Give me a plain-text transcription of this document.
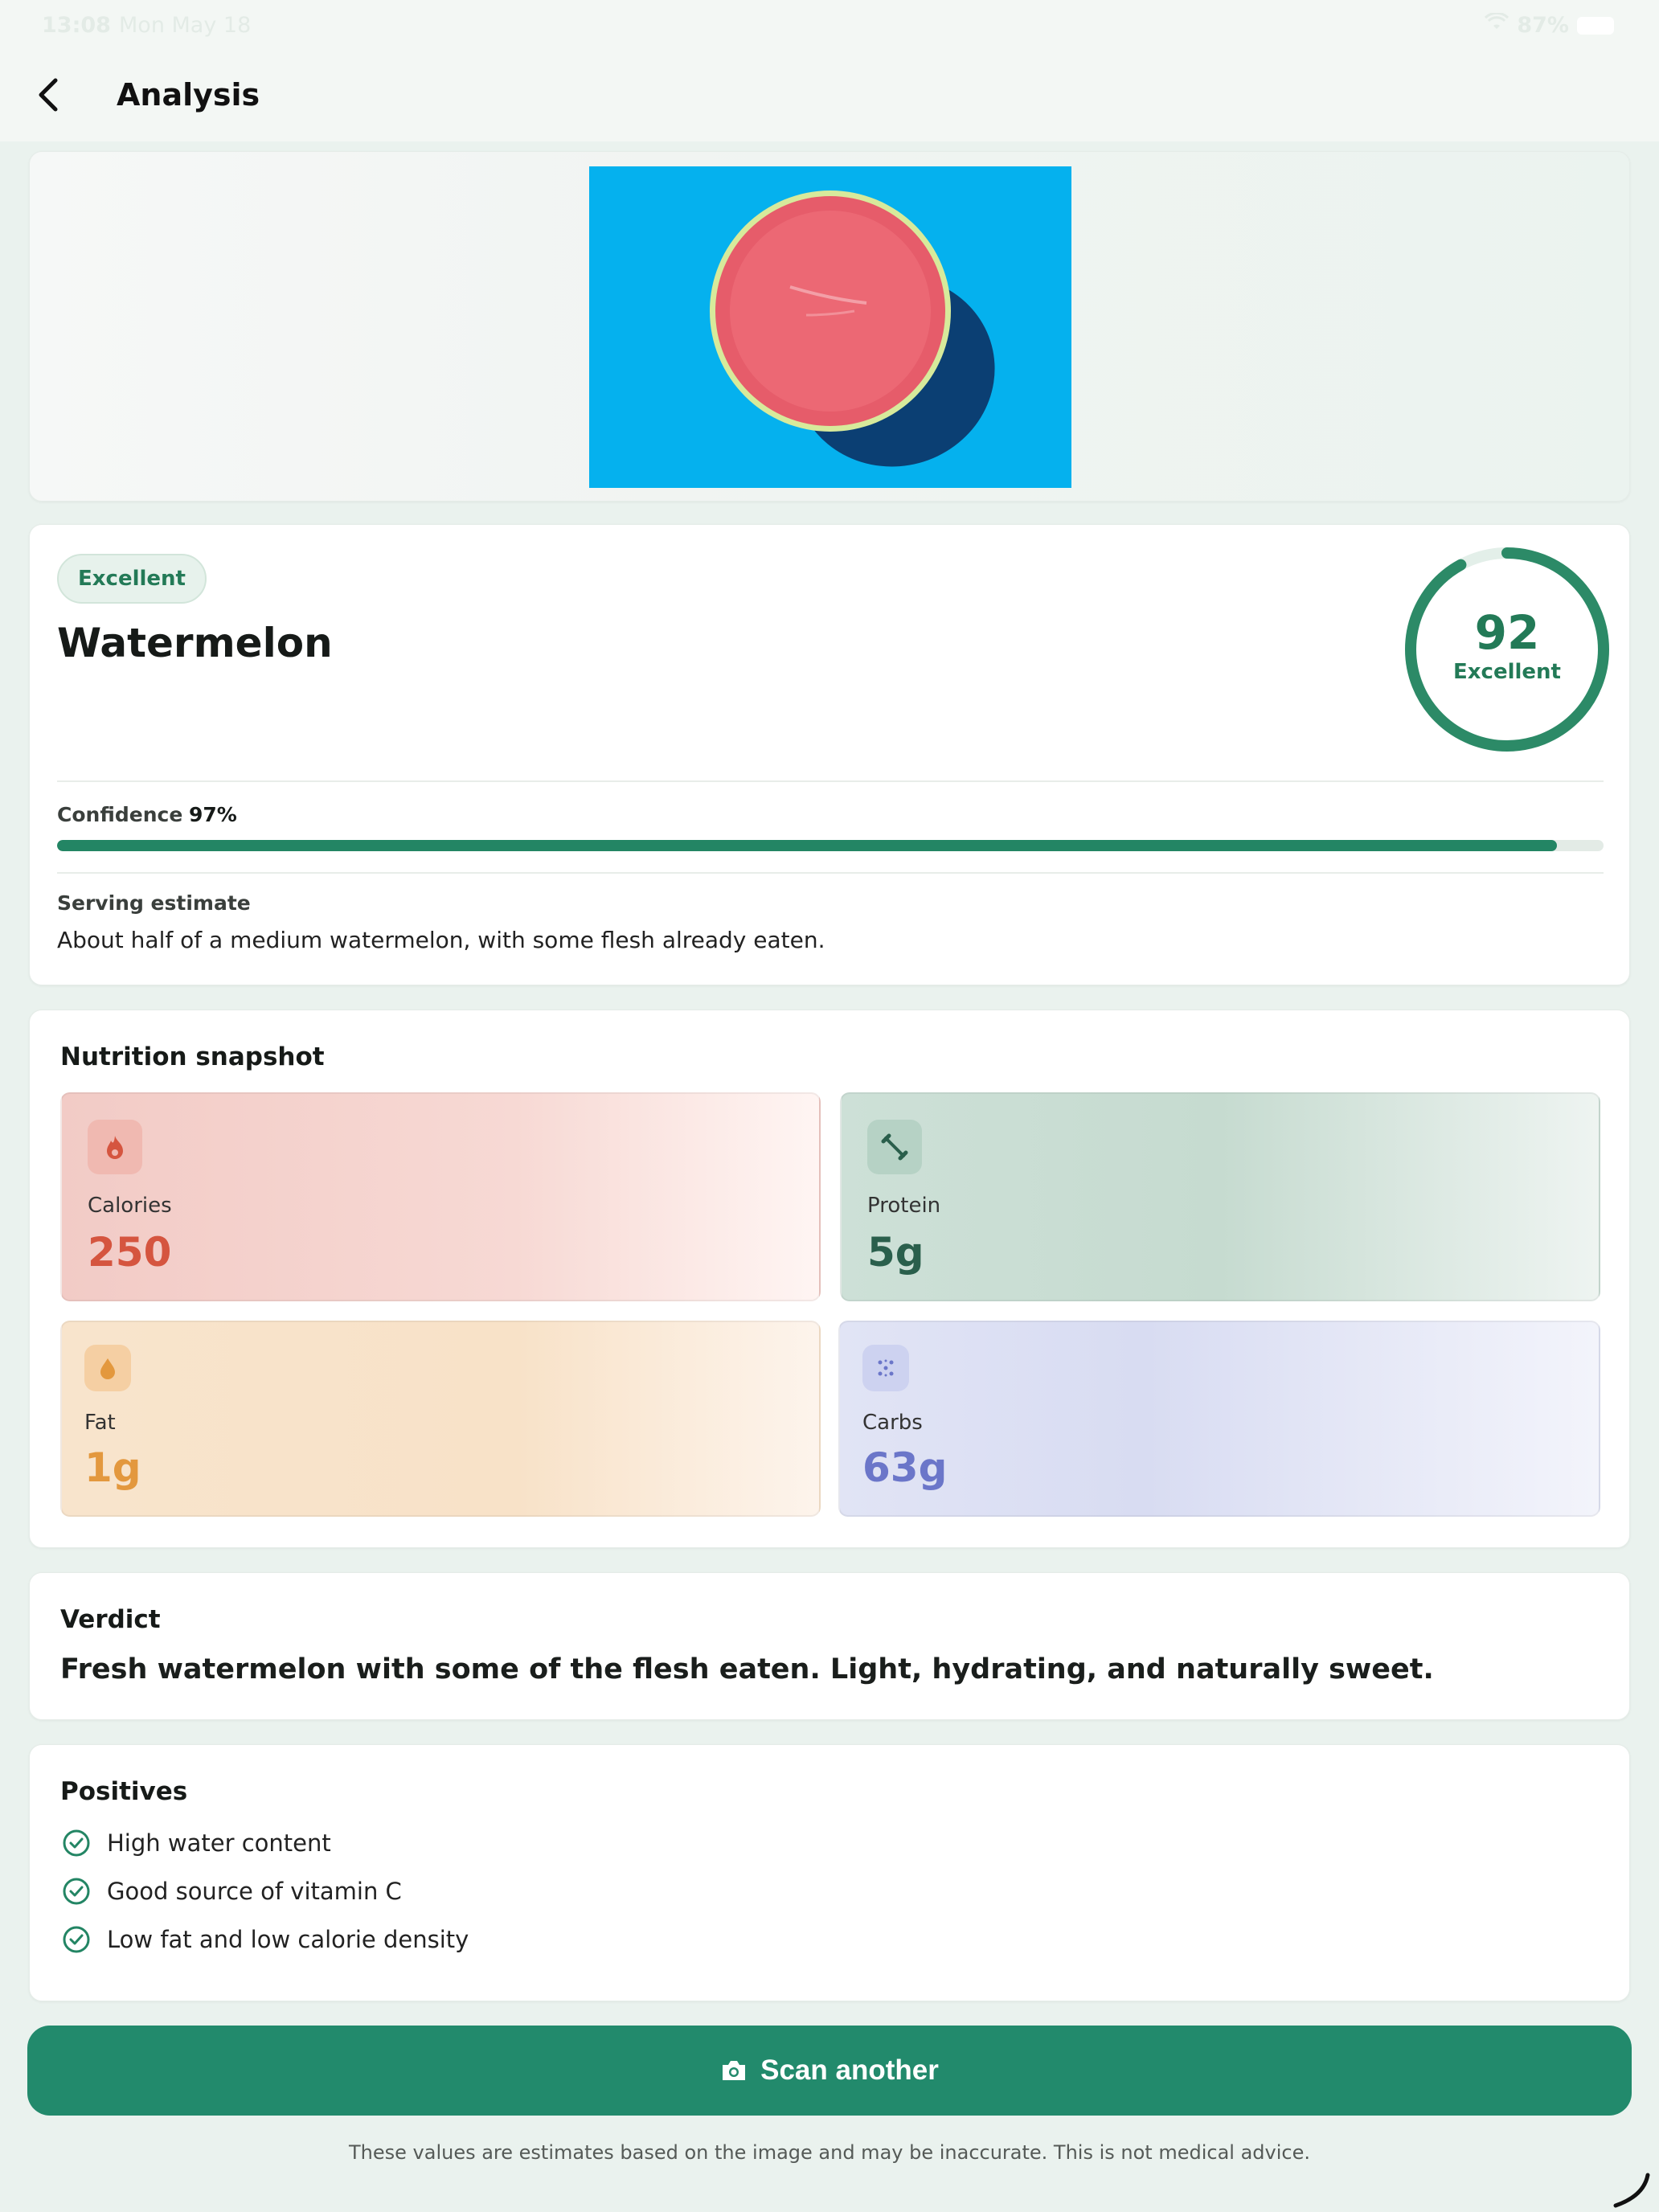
13:08 Mon May 18	87%
Analysis
Excellent
Watermelon	92
Excellent
Confidence 97%
Serving estimate
About half of a medium watermelon, with some flesh already eaten.
Nutrition snapshot
Calories
250
Protein
5g
Fat
1g
Carbs
63g
Verdict
Fresh watermelon with some of the flesh eaten. Light, hydrating, and naturally sweet.
Positives
High water content
Good source of vitamin C
Low fat and low calorie density
Scan another
These values are estimates based on the image and may be inaccurate. This is not medical advice.
